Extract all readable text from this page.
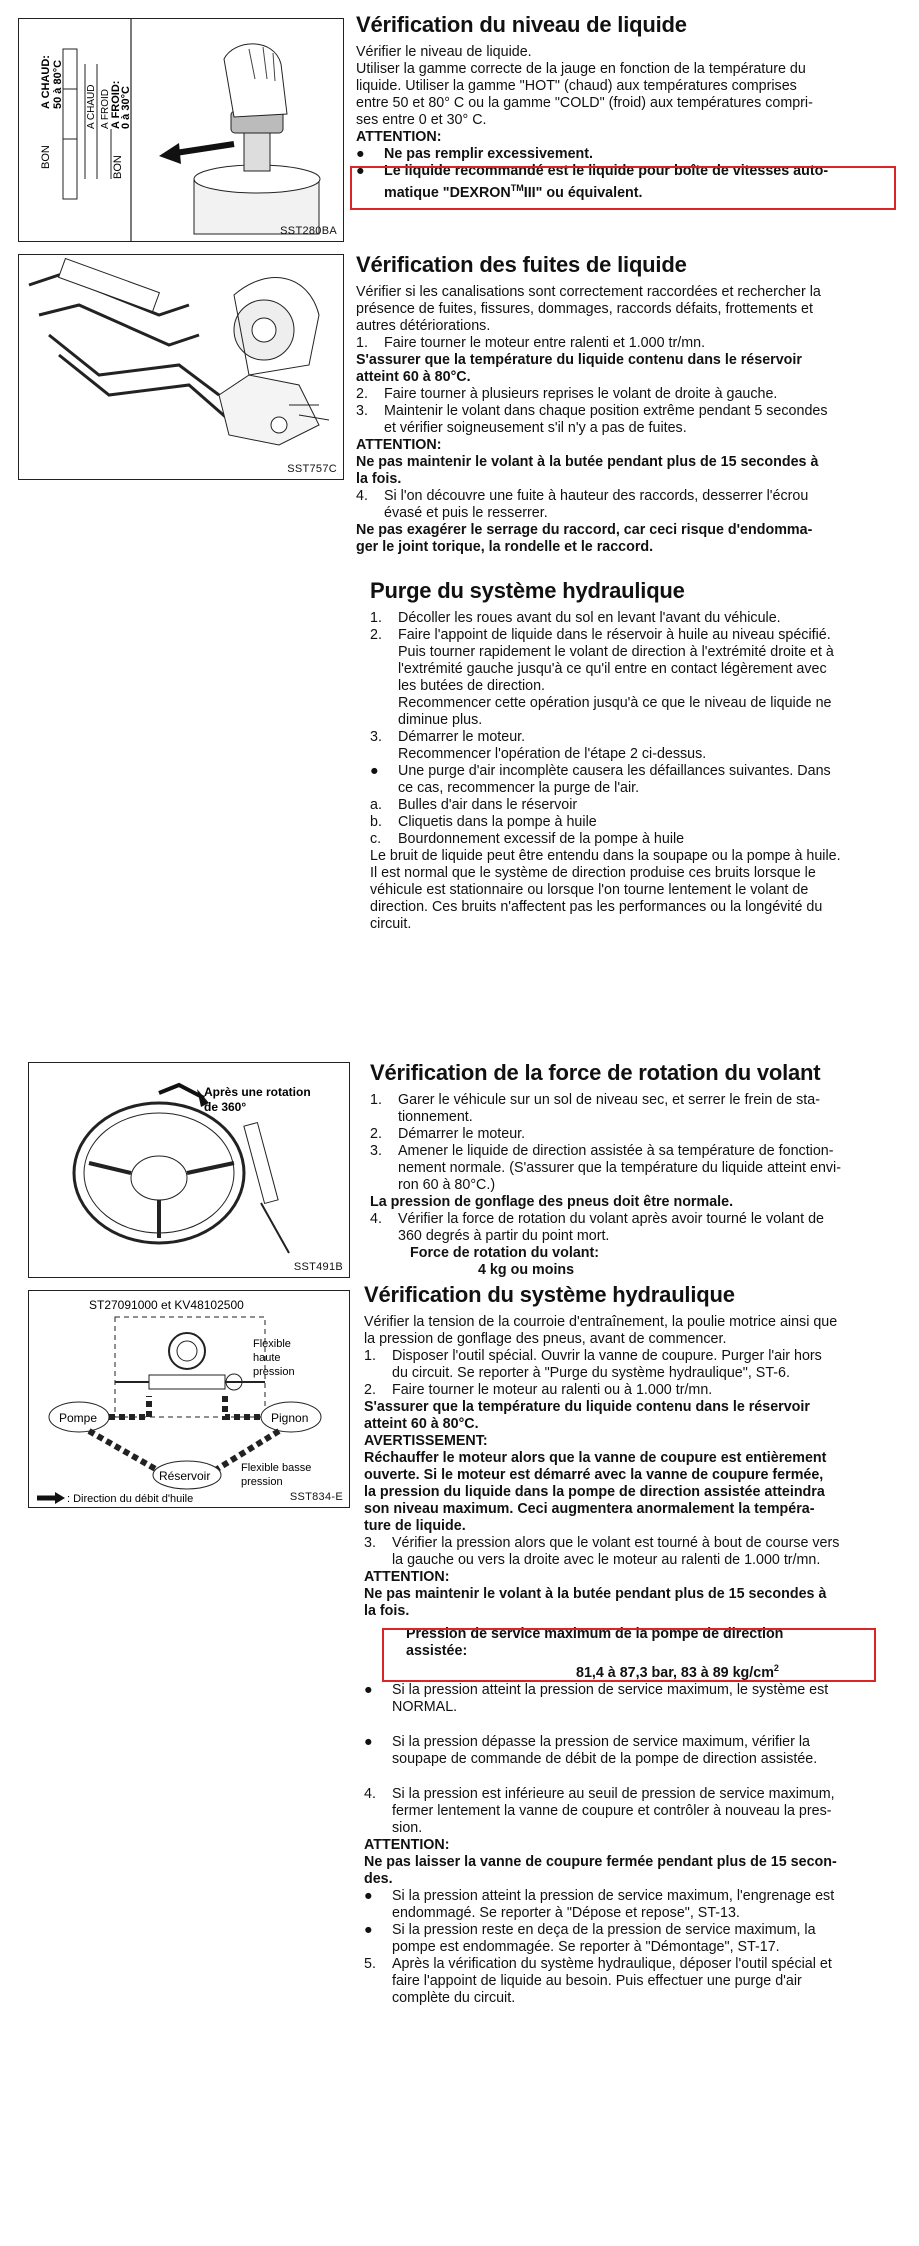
A CHAUD: 50 à 80°C
BON
A CHAUD A FROID A FROID:
0 à 30°C
BON
SST280BA
Vérification du niveau de liquide

Vérifier le niveau de liquide.

Utiliser la gamme correcte de la jauge en fonction de la température du

liquide. Utiliser la gamme "HOT" (chaud) aux températures comprises

entre 50 et 80° C ou la gamme "COLD" (froid) aux températures compri-

ses entre 0 et 30° C.

ATTENTION:

●	Ne pas remplir excessivement.
●	Le liquide recommandé est le liquide pour boîte de vitesses auto-
matique "DEXRON™III" ou équivalent.
SST757C
Vérification des fuites de liquide

Vérifier si les canalisations sont correctement raccordées et rechercher la

présence de fuites, fissures, dommages, raccords défaits, frottements et

autres détériorations.

1.	Faire tourner le moteur entre ralenti et 1.000 tr/mn.

S'assurer que la température du liquide contenu dans le réservoir

atteint 60 à 80°C.

2.	Faire tourner à plusieurs reprises le volant de droite à gauche.
3.	Maintenir le volant dans chaque position extrême pendant 5 secondes
et vérifier soigneusement s'il n'y a pas de fuites.

ATTENTION:

Ne pas maintenir le volant à la butée pendant plus de 15 secondes à

la fois.

4.	Si l'on découvre une fuite à hauteur des raccords, desserrer l'écrou
évasé et puis le resserrer.

Ne pas exagérer le serrage du raccord, car ceci risque d'endomma-

ger le joint torique, la rondelle et le raccord.

Purge du système hydraulique
1.	Décoller les roues avant du sol en levant l'avant du véhicule.
2.	Faire l'appoint de liquide dans le réservoir à huile au niveau spécifié.
Puis tourner rapidement le volant de direction à l'extrémité droite et à
l'extrémité gauche jusqu'à ce qu'il entre en contact légèrement avec
les butées de direction.
Recommencer cette opération jusqu'à ce que le niveau de liquide ne
diminue plus.
3.	Démarrer le moteur.
Recommencer l'opération de l'étape 2 ci-dessus.
●	Une purge d'air incomplète causera les défaillances suivantes. Dans
ce cas, recommencer la purge de l'air.
a.	Bulles d'air dans le réservoir
b.	Cliquetis dans la pompe à huile
c.	Bourdonnement excessif de la pompe à huile

Le bruit de liquide peut être entendu dans la soupape ou la pompe à huile.

Il est normal que le système de direction produise ces bruits lorsque le

véhicule est stationnaire ou lorsque l'on tourne lentement le volant de

direction. Ces bruits n'affectent pas les performances ou la longévité du

circuit.

Après une rotation
de 360°
SST491B
Vérification de la force de rotation du volant
1.	Garer le véhicule sur un sol de niveau sec, et serrer le frein de sta-
tionnement.
2.	Démarrer le moteur.
3.	Amener le liquide de direction assistée à sa température de fonction-
nement normale. (S'assurer que la température du liquide atteint envi-
ron 60 à 80°C.)

La pression de gonflage des pneus doit être normale.

4.	Vérifier la force de rotation du volant après avoir tourné le volant de
360 degrés à partir du point mort.

Force de rotation du volant:

4 kg ou moins

ST27091000 et KV48102500
Pompe	Pignon
Réservoir
Flexible
haute
pression
Flexible basse
pression
: Direction du débit d'huile	SST834-E
Vérification du système hydraulique

Vérifier la tension de la courroie d'entraînement, la poulie motrice ainsi que

la pression de gonflage des pneus, avant de commencer.

1.	Disposer l'outil spécial. Ouvrir la vanne de coupure. Purger l'air hors
du circuit. Se reporter à "Purge du système hydraulique", ST-6.
2.	Faire tourner le moteur au ralenti ou à 1.000 tr/mn.

S'assurer que la température du liquide contenu dans le réservoir

atteint 60 à 80°C.

AVERTISSEMENT:

Réchauffer le moteur alors que la vanne de coupure est entièrement

ouverte. Si le moteur est démarré avec la vanne de coupure fermée,

la pression du liquide dans la pompe de direction assistée atteindra

son niveau maximum. Ceci augmentera anormalement la tempéra-

ture de liquide.

3.	Vérifier la pression alors que le volant est tourné à bout de course vers
la gauche ou vers la droite avec le moteur au ralenti de 1.000 tr/mn.

ATTENTION:

Ne pas maintenir le volant à la butée pendant plus de 15 secondes à

la fois.

Pression de service maximum de la pompe de direction

assistée:

81,4 à 87,3 bar, 83 à 89 $kg/cm^2$

●	Si la pression atteint la pression de service maximum, le système est
NORMAL.
●	Si la pression dépasse la pression de service maximum, vérifier la
soupape de commande de débit de la pompe de direction assistée.
4.	Si la pression est inférieure au seuil de pression de service maximum,
fermer lentement la vanne de coupure et contrôler à nouveau la pres-
sion.

ATTENTION:

Ne pas laisser la vanne de coupure fermée pendant plus de 15 secon-

des.

●	Si la pression atteint la pression de service maximum, l'engrenage est
endommagé. Se reporter à "Dépose et repose", ST-13.
●	Si la pression reste en deça de la pression de service maximum, la
pompe est endommagée. Se reporter à "Démontage", ST-17.
5.	Après la vérification du système hydraulique, déposer l'outil spécial et
faire l'appoint de liquide au besoin. Puis effectuer une purge d'air
complète du circuit.
